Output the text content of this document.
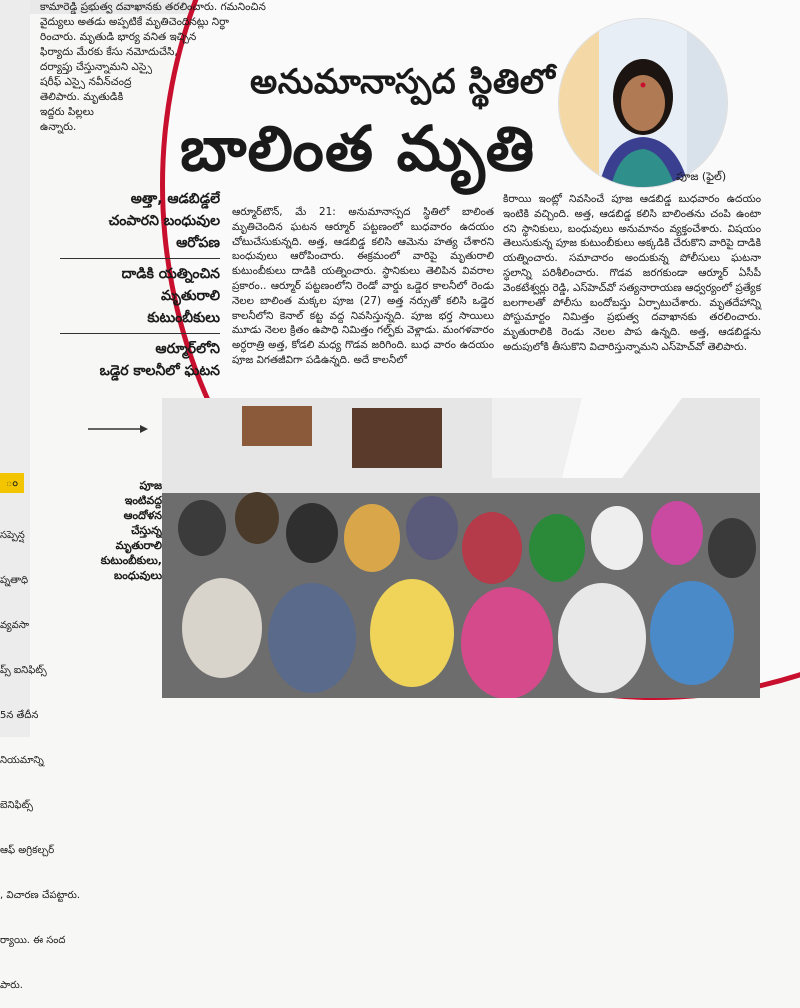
కామారెడ్డి ప్రభుత్వ దవాఖానకు తరలించారు. గమనించిన
వైద్యులు అతడు అప్పటికే మృతిచెందినట్లు నిర్ధా
రించారు. మృతుడి భార్య వనిత ఇచ్చిన
ఫిర్యాదు మేరకు కేసు నమోదుచేసి,
దర్యాప్తు చేస్తున్నామని ఎస్సై
షరీఫ్ ఎస్సై నవీన్‌చంద్ర
తెలిపారు. మృతుడికి
ఇద్దరు పిల్లలు
ఉన్నారు.
అనుమానాస్పద స్థితిలో
బాలింత మృతి	పూజ (ఫైల్)
అత్తా, ఆడబిడ్డలే
చంపారని బంధువుల
ఆరోపణ
దాడికి యత్నించిన
మృతురాలి
కుటుంబీకులు
ఆర్మూర్‌లోని
ఒడ్డెర కాలనీలో ఘటన
ఆర్మూర్‌టౌన్, మే 21: అనుమానాస్పద స్థితిలో బాలింత మృతిచెందిన ఘటన ఆర్మూర్ పట్టణంలో బుధవారం ఉదయం చోటుచేసుకున్నది. అత్త, ఆడబిడ్డ కలిసి ఆమెను హత్య చేశారని బంధువులు ఆరోపించారు. ఈక్రమంలో వారిపై మృతురాలి కుటుంబీకులు దాడికి యత్నించారు. స్థానికులు తెలిపిన వివరాల ప్రకారం.. ఆర్మూర్ పట్టణంలోని రెండో వార్డు ఒడ్డెర కాలనీలో రెండు నెలల బాలింత మక్కల పూజ (27) అత్త నర్సుతో కలిసి ఒడ్డెర కాలనీలోని కెనాల్ కట్ట వద్ద నివసిస్తున్నది. పూజ భర్త సాయిలు మూడు నెలల క్రితం ఉపాధి నిమిత్తం గల్ఫ్‌కు వెళ్లాడు. మంగళవారం అర్ధరాత్రి అత్త, కోడలి మధ్య గొడవ జరిగింది. బుధ వారం ఉదయం పూజ విగతజీవిగా పడిఉన్నది. అదే కాలనీలో
కిరాయి ఇంట్లో నివసించే పూజ ఆడబిడ్డ బుధవారం ఉదయం ఇంటికి వచ్చింది. అత్త, ఆడబిడ్డ కలిసి బాలింతను చంపి ఉంటా రని స్థానికులు, బంధువులు అనుమానం వ్యక్తంచేశారు. విషయం తెలుసుకున్న పూజ కుటుంబీకులు అక్కడికి చేరుకొని వారిపై దాడికి యత్నించారు. సమాచారం అందుకున్న పోలీసులు ఘటనా స్థలాన్ని పరిశీలించారు. గొడవ జరగకుండా ఆర్మూర్ ఏసీపీ వెంకటేశ్వర్లు రెడ్డి, ఎస్‌హెచ్‌వో సత్యనారాయణ ఆధ్వర్యంలో ప్రత్యేక బలగాలతో పోలీసు బందోబస్తు ఏర్పాటుచేశారు. మృతదేహాన్ని పోస్టుమార్టం నిమిత్తం ప్రభుత్వ దవాఖానకు తరలించారు. మృతురాలికి రెండు నెలల పాప ఉన్నది. అత్త, ఆడబిడ్డను అదుపులోకి తీసుకొని విచారిస్తున్నామని ఎస్‌హెచ్‌వో తెలిపారు.
పూజ
ఇంటివద్ద
ఆందోళన
చేస్తున్న
మృతురాలి
కుటుంబీకులు,
బంధువులు
ం

సప్పెన్ష

ప్నతాధి

వ్యవసా

ప్స్ ఐనిఫిట్స్

5న తేదీన

నియమాన్ని

బెనిఫిట్స్

ఆఫ్ అగ్రికల్చర్

, విచారణ చేపట్టారు.

ర్యాయి. ఈ సంద

పారు.
